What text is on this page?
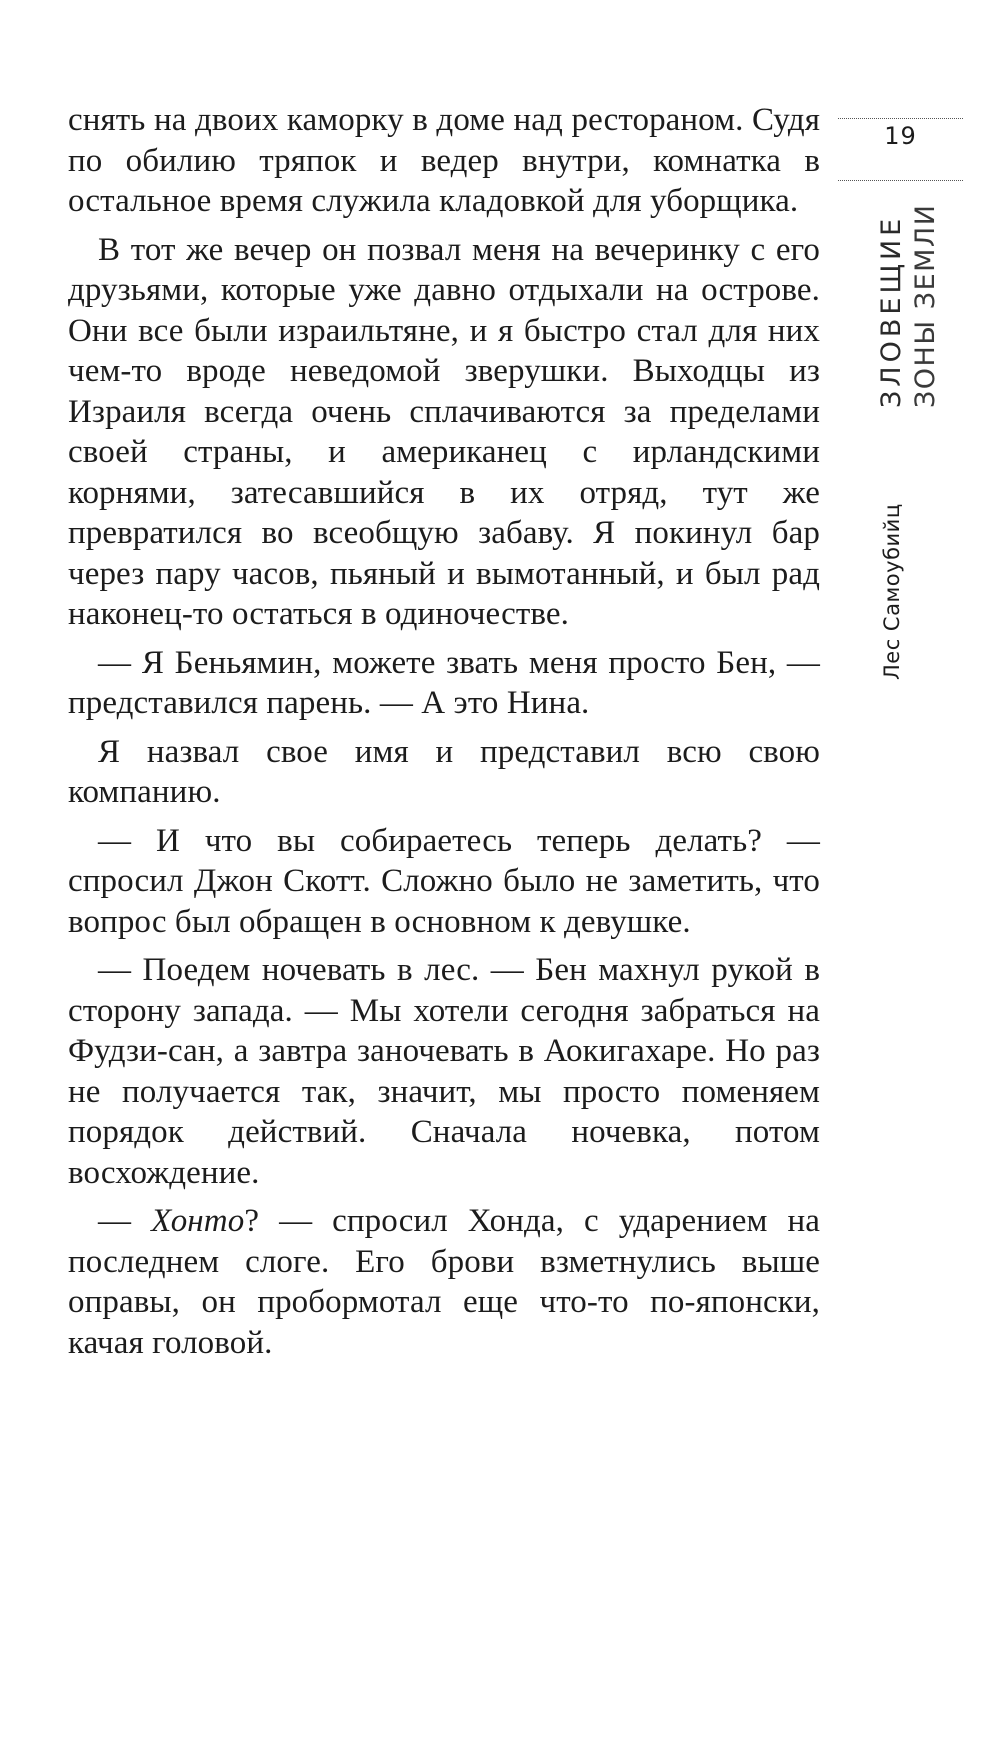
снять на двоих каморку в доме над рестораном. Судя по обилию тряпок и ведер внутри, комнатка в остальное время служила кладовкой для уборщика.

В тот же вечер он позвал меня на вечеринку с его друзьями, которые уже давно отдыхали на острове. Они все были израильтяне, и я быстро стал для них чем-то вроде неведомой зверушки. Выходцы из Израиля всегда очень сплачиваются за пределами своей страны, и американец с ирландскими корнями, затесавшийся в их отряд, тут же превратился во всеобщую забаву. Я покинул бар через пару часов, пьяный и вымотанный, и был рад наконец-то остаться в одиночестве.

— Я Беньямин, можете звать меня просто Бен, — представился парень. — А это Нина.

Я назвал свое имя и представил всю свою компанию.

— И что вы собираетесь теперь делать? — спросил Джон Скотт. Сложно было не заметить, что вопрос был обращен в основном к девушке.

— Поедем ночевать в лес. — Бен махнул рукой в сторону запада. — Мы хотели сегодня забраться на Фудзи-сан, а завтра заночевать в Аокигахаре. Но раз не получается так, значит, мы просто поменяем порядок действий. Сначала ночевка, потом восхождение.

— Хонто? — спросил Хонда, с ударением на последнем слоге. Его брови взметнулись выше оправы, он пробормотал еще что-то по-японски, качая головой.

19
ЗЛОВЕЩИЕ ЗОНЫ ЗЕМЛИ
Лес Самоубийц
